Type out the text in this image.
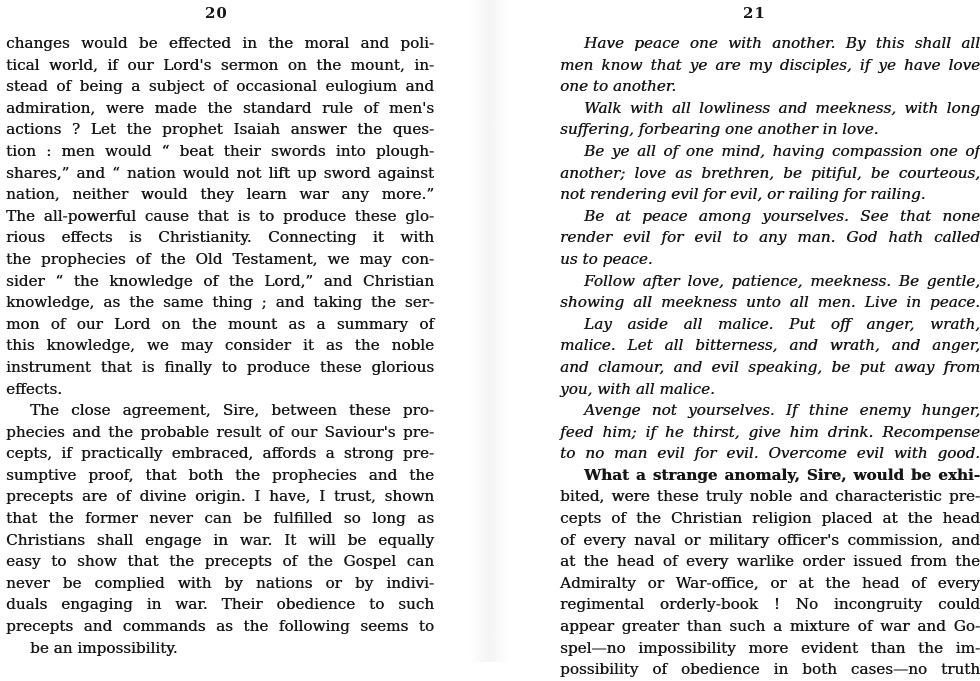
20
changes would be effected in the moral and poli-
tical world, if our Lord's sermon on the mount, in-
stead of being a subject of occasional eulogium and
admiration, were made the standard rule of men's
actions ? Let the prophet Isaiah answer the ques-
tion : men would “ beat their swords into plough-
shares,” and “ nation would not lift up sword against
nation, neither would they learn war any more.”
The all-powerful cause that is to produce these glo-
rious effects is Christianity. Connecting it with
the prophecies of the Old Testament, we may con-
sider “ the knowledge of the Lord,” and Christian
knowledge, as the same thing ; and taking the ser-
mon of our Lord on the mount as a summary of
this knowledge, we may consider it as the noble
instrument that is finally to produce these glorious
effects.
The close agreement, Sire, between these pro-
phecies and the probable result of our Saviour's pre-
cepts, if practically embraced, affords a strong pre-
sumptive proof, that both the prophecies and the
precepts are of divine origin. I have, I trust, shown
that the former never can be fulfilled so long as
Christians shall engage in war. It will be equally
easy to show that the precepts of the Gospel can
never be complied with by nations or by indivi-
duals engaging in war. Their obedience to such
precepts and commands as the following seems to
be an impossibility.
21
Have peace one with another. By this shall all
men know that ye are my disciples, if ye have love
one to another.
Walk with all lowliness and meekness, with long
suffering, forbearing one another in love.
Be ye all of one mind, having compassion one of
another; love as brethren, be pitiful, be courteous,
not rendering evil for evil, or railing for railing.
Be at peace among yourselves. See that none
render evil for evil to any man. God hath called
us to peace.
Follow after love, patience, meekness. Be gentle,
showing all meekness unto all men. Live in peace.
Lay aside all malice. Put off anger, wrath,
malice. Let all bitterness, and wrath, and anger,
and clamour, and evil speaking, be put away from
you, with all malice.
Avenge not yourselves. If thine enemy hunger,
feed him; if he thirst, give him drink. Recompense
to no man evil for evil. Overcome evil with good.
What a strange anomaly, Sire, would be exhi-
bited, were these truly noble and characteristic pre-
cepts of the Christian religion placed at the head
of every naval or military officer's commission, and
at the head of every warlike order issued from the
Admiralty or War-office, or at the head of every
regimental orderly-book ! No incongruity could
appear greater than such a mixture of war and Go-
spel—no impossibility more evident than the im-
possibility of obedience in both cases—no truth
